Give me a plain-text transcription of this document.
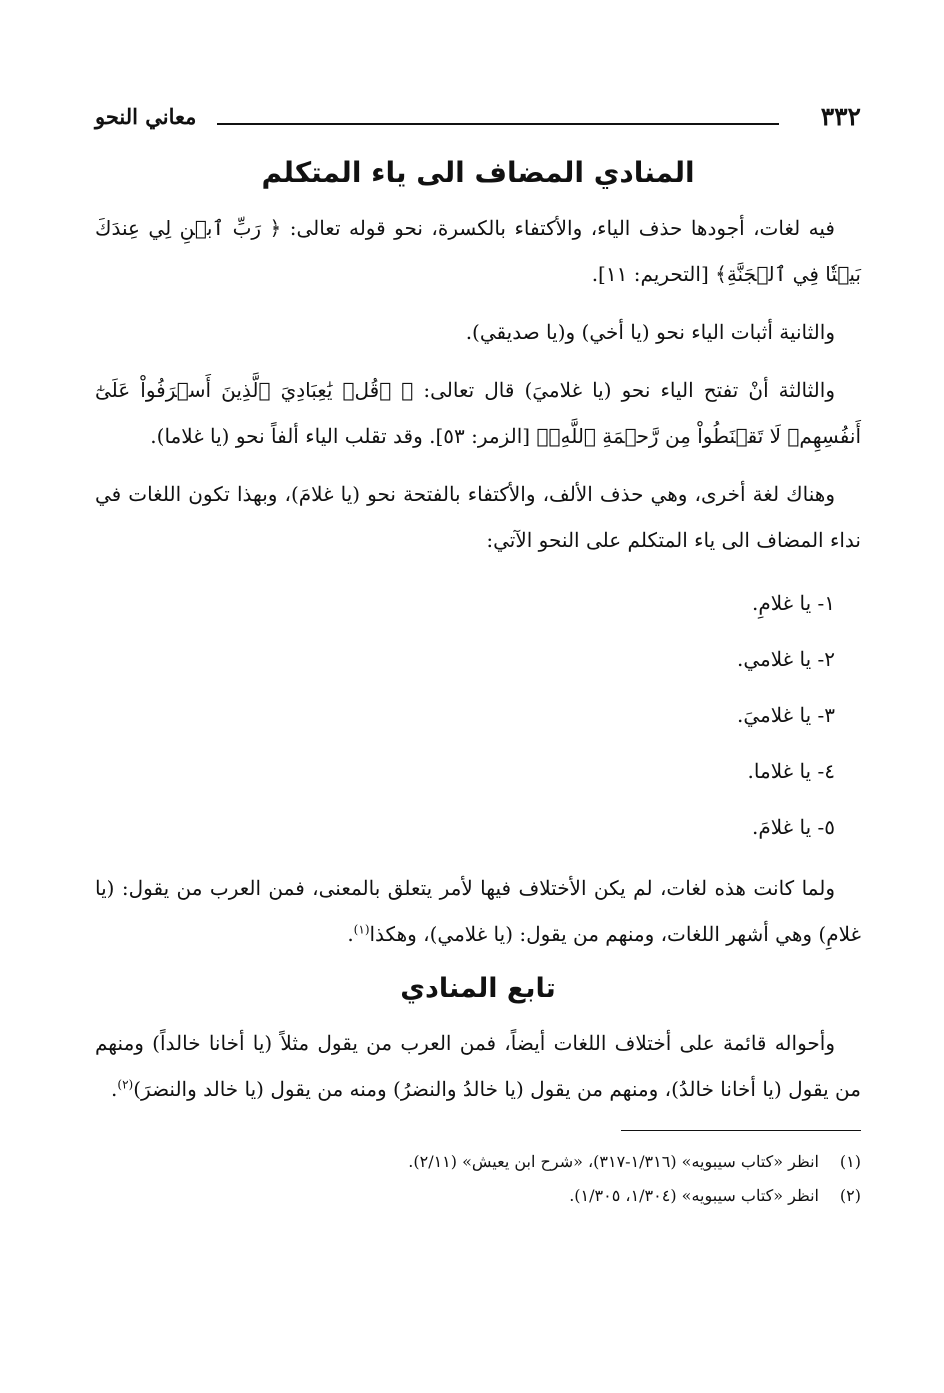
٣٣٢
معاني النحو
المنادي المضاف الى ياء المتكلم

فيه لغات، أجودها حذف الياء، والأكتفاء بالكسرة، نحو قوله تعالى: ﴿ رَبِّ ٱبۡنِ لِي عِندَكَ بَيۡتٗا فِي ٱلۡجَنَّةِ﴾ [التحريم: ١١].

والثانية أثبات الياء نحو (يا أخي) و(يا صديقي).

والثالثة أنْ تفتح الياء نحو (يا غلاميَ) قال تعالى: ﴿ ۞قُلۡ يَٰعِبَادِيَ ٱلَّذِينَ أَسۡرَفُواْ عَلَىٰٓ أَنفُسِهِمۡ لَا تَقۡنَطُواْ مِن رَّحۡمَةِ ٱللَّهِۚ﴾ [الزمر: ٥٣]. وقد تقلب الياء ألفاً نحو (يا غلاما).

وهناك لغة أخرى، وهي حذف الألف، والأكتفاء بالفتحة نحو (يا غلامَ)، وبهذا تكون اللغات في نداء المضاف الى ياء المتكلم على النحو الآتي:

١- يا غلامِ.
٢- يا غلامي.
٣- يا غلاميَ.
٤- يا غلاما.
٥- يا غلامَ.

ولما كانت هذه لغات، لم يكن الأختلاف فيها لأمر يتعلق بالمعنى، فمن العرب من يقول: (يا غلامِ) وهي أشهر اللغات، ومنهم من يقول: (يا غلامي)، وهكذا$^{(١)}$.

تابع المنادي

وأحواله قائمة على أختلاف اللغات أيضاً، فمن العرب من يقول مثلاً (يا أخانا خالداً) ومنهم من يقول (يا أخانا خالدُ)، ومنهم من يقول (يا خالدُ والنضرُ) ومنه من يقول (يا خالد والنضرَ)$^{(٢)}$.

(١)انظر «كتاب سيبويه» (١/٣١٦-٣١٧)، «شرح ابن يعيش» (٢/١١).
(٢)انظر «كتاب سيبويه» (١/٣٠٤، ١/٣٠٥).
